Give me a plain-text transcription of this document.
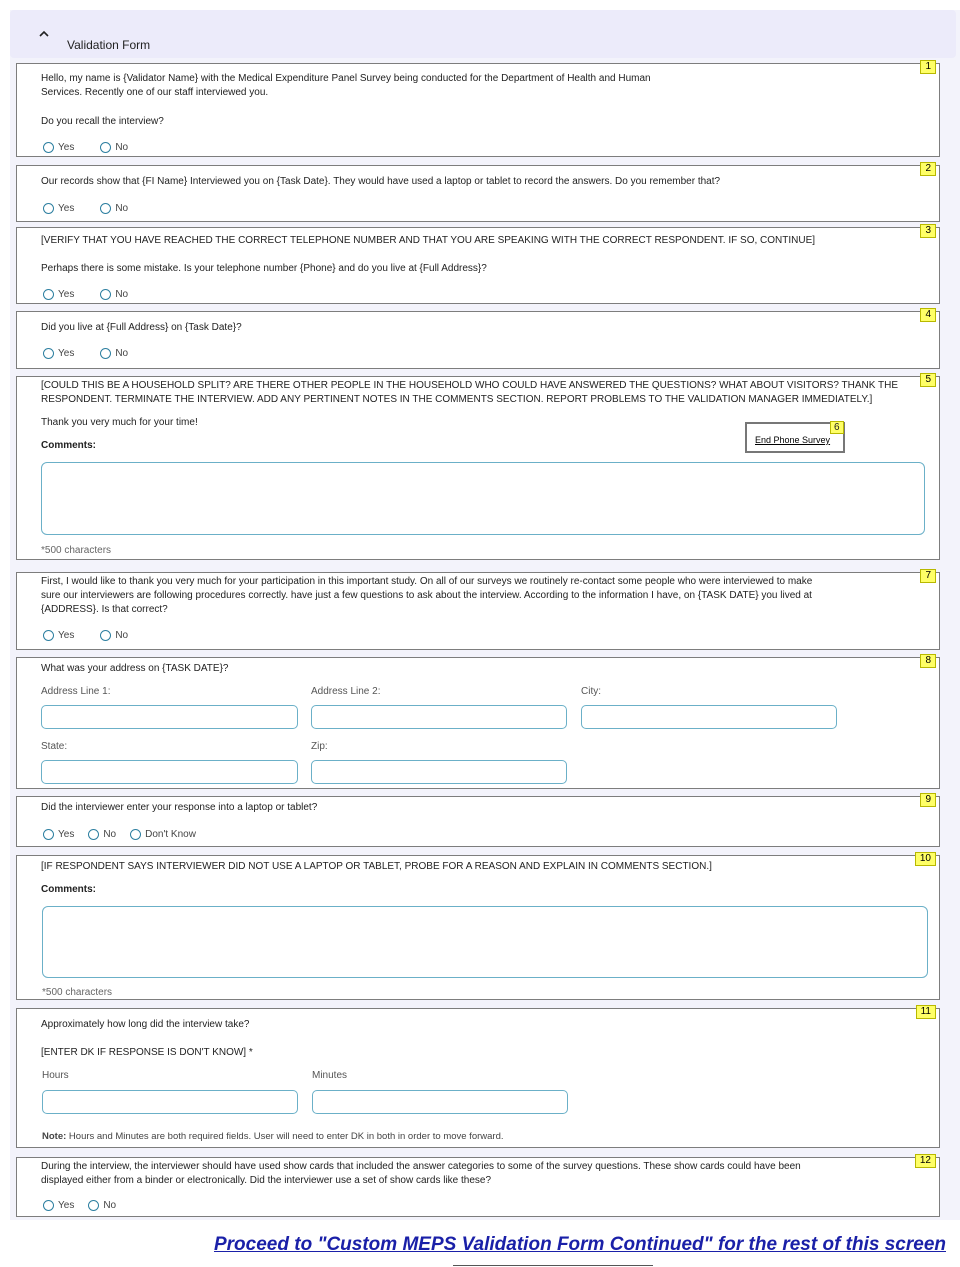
Validation Form
1
Hello, my name is {Validator Name} with the Medical Expenditure Panel Survey being conducted for the Department of Health and Human
Services. Recently one of our staff interviewed you.
Do you recall the interview?
Yes	No
2
Our records show that {FI Name} Interviewed you on {Task Date}. They would have used a laptop or tablet to record the answers. Do you remember that?
Yes	No
3
[VERIFY THAT YOU HAVE REACHED THE CORRECT TELEPHONE NUMBER AND THAT YOU ARE SPEAKING WITH THE CORRECT RESPONDENT. IF SO, CONTINUE]
Perhaps there is some mistake. Is your telephone number {Phone} and do you live at {Full Address}?
Yes	No
4
Did you live at {Full Address} on {Task Date}?
Yes	No
5
[COULD THIS BE A HOUSEHOLD SPLIT? ARE THERE OTHER PEOPLE IN THE HOUSEHOLD WHO COULD HAVE ANSWERED THE QUESTIONS? WHAT ABOUT VISITORS? THANK THE
RESPONDENT. TERMINATE THE INTERVIEW. ADD ANY PERTINENT NOTES IN THE COMMENTS SECTION. REPORT PROBLEMS TO THE VALIDATION MANAGER IMMEDIATELY.]
Thank you very much for your time!
Comments:
*500 characters
6
End Phone Survey
7
First, I would like to thank you very much for your participation in this important study. On all of our surveys we routinely re-contact some people who were interviewed to make
sure our interviewers are following procedures correctly. have just a few questions to ask about the interview. According to the information I have, on {TASK DATE} you lived at
{ADDRESS}. Is that correct?
Yes	No
8
What was your address on {TASK DATE}?
Address Line 1:	Address Line 2:	City:
State:	Zip:
9
Did the interviewer enter your response into a laptop or tablet?
Yes	No	Don't Know
10
[IF RESPONDENT SAYS INTERVIEWER DID NOT USE A LAPTOP OR TABLET, PROBE FOR A REASON AND EXPLAIN IN COMMENTS SECTION.]
Comments:
*500 characters
11
Approximately how long did the interview take?
[ENTER DK IF RESPONSE IS DON'T KNOW] *
Hours	Minutes
Note: Hours and Minutes are both required fields. User will need to enter DK in both in order to move forward.
12
During the interview, the interviewer should have used show cards that included the answer categories to some of the survey questions. These show cards could have been
displayed either from a binder or electronically. Did the interviewer use a set of show cards like these?
Yes	No
Proceed to "Custom MEPS Validation Form Continued" for the rest of this screen
